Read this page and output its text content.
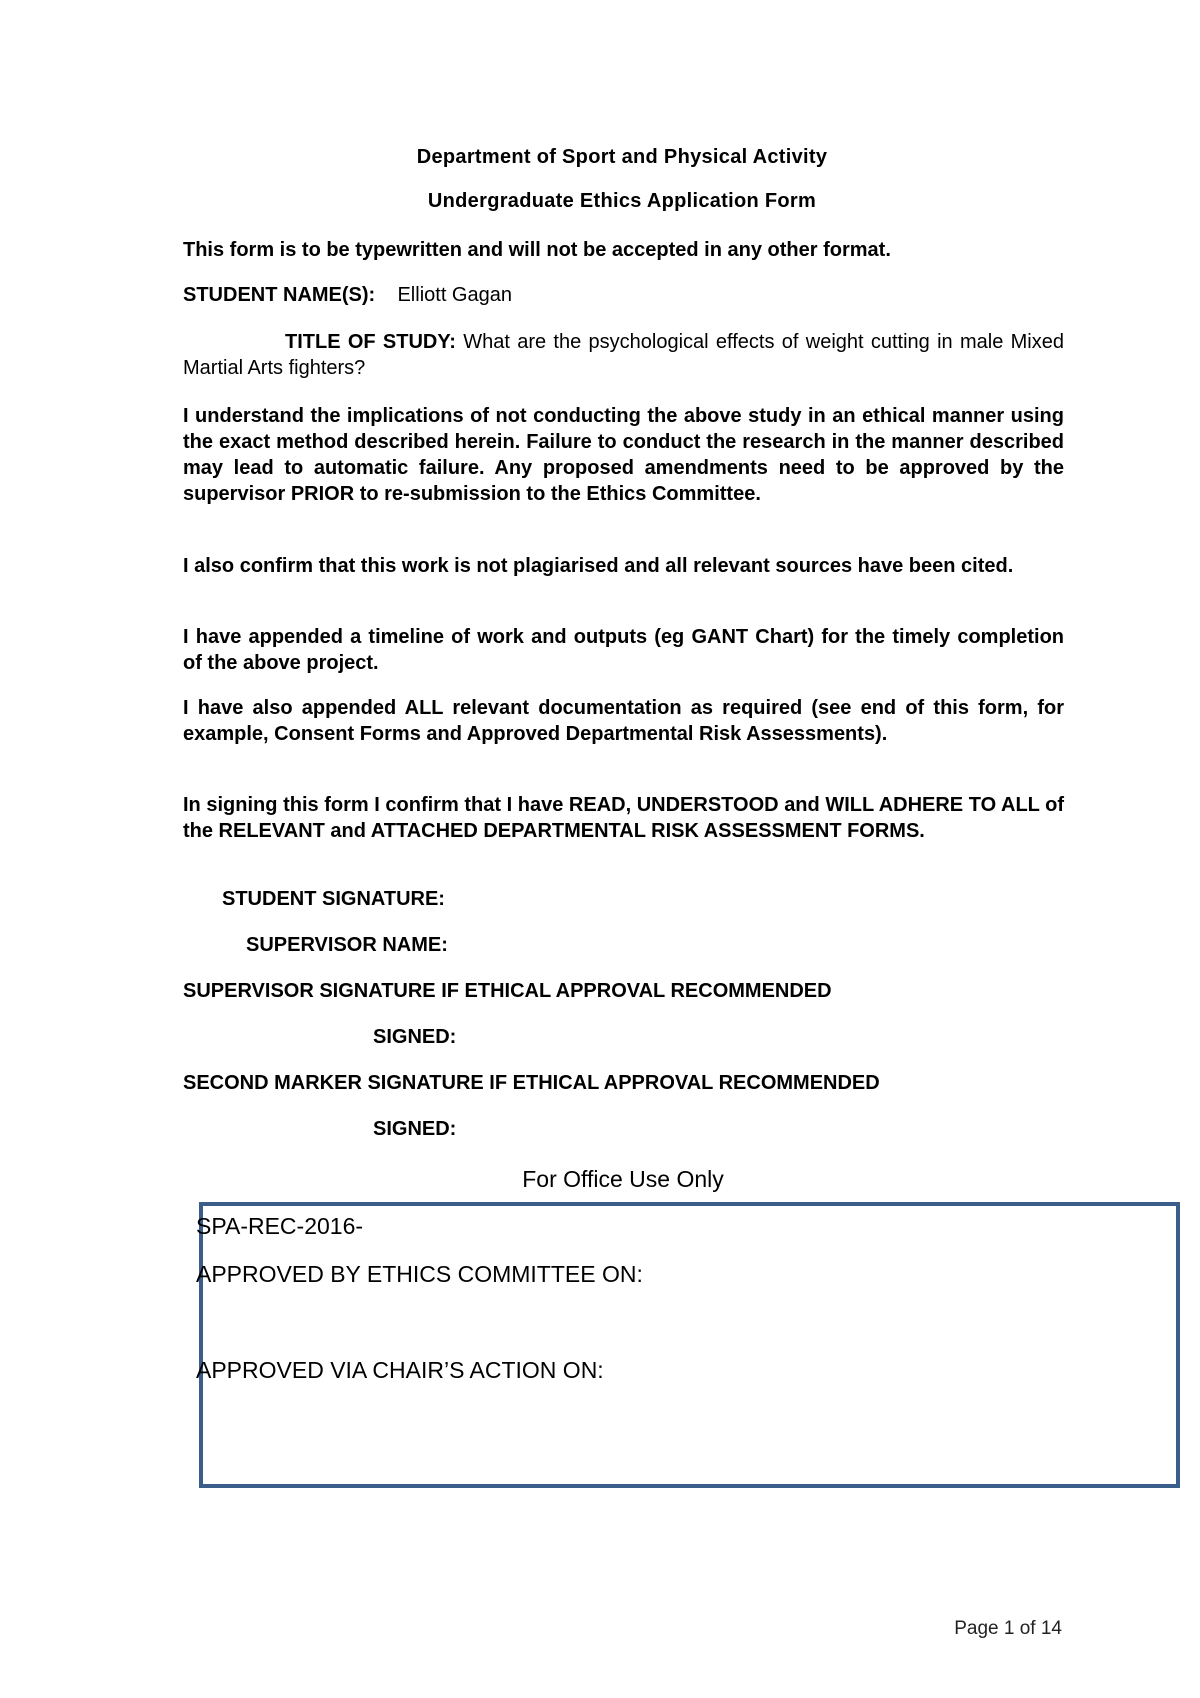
Department of Sport and Physical Activity
Undergraduate Ethics Application Form
This form is to be typewritten and will not be accepted in any other format.
STUDENT NAME(S): Elliott Gagan
TITLE OF STUDY: What are the psychological effects of weight cutting in male Mixed Martial Arts fighters?
I understand the implications of not conducting the above study in an ethical manner using the exact method described herein. Failure to conduct the research in the manner described may lead to automatic failure. Any proposed amendments need to be approved by the supervisor PRIOR to re-submission to the Ethics Committee.
I also confirm that this work is not plagiarised and all relevant sources have been cited.
I have appended a timeline of work and outputs (eg GANT Chart) for the timely completion of the above project.
I have also appended ALL relevant documentation as required (see end of this form, for example, Consent Forms and Approved Departmental Risk Assessments).
In signing this form I confirm that I have READ, UNDERSTOOD and WILL ADHERE TO ALL of the RELEVANT and ATTACHED DEPARTMENTAL RISK ASSESSMENT FORMS.
STUDENT SIGNATURE:
SUPERVISOR NAME:
SUPERVISOR SIGNATURE IF ETHICAL APPROVAL RECOMMENDED
SIGNED:
SECOND MARKER SIGNATURE IF ETHICAL APPROVAL RECOMMENDED
SIGNED:
For Office Use Only
SPA-REC-2016-
APPROVED BY ETHICS COMMITTEE ON:
APPROVED VIA CHAIR’S ACTION ON:
Page 1 of 14
